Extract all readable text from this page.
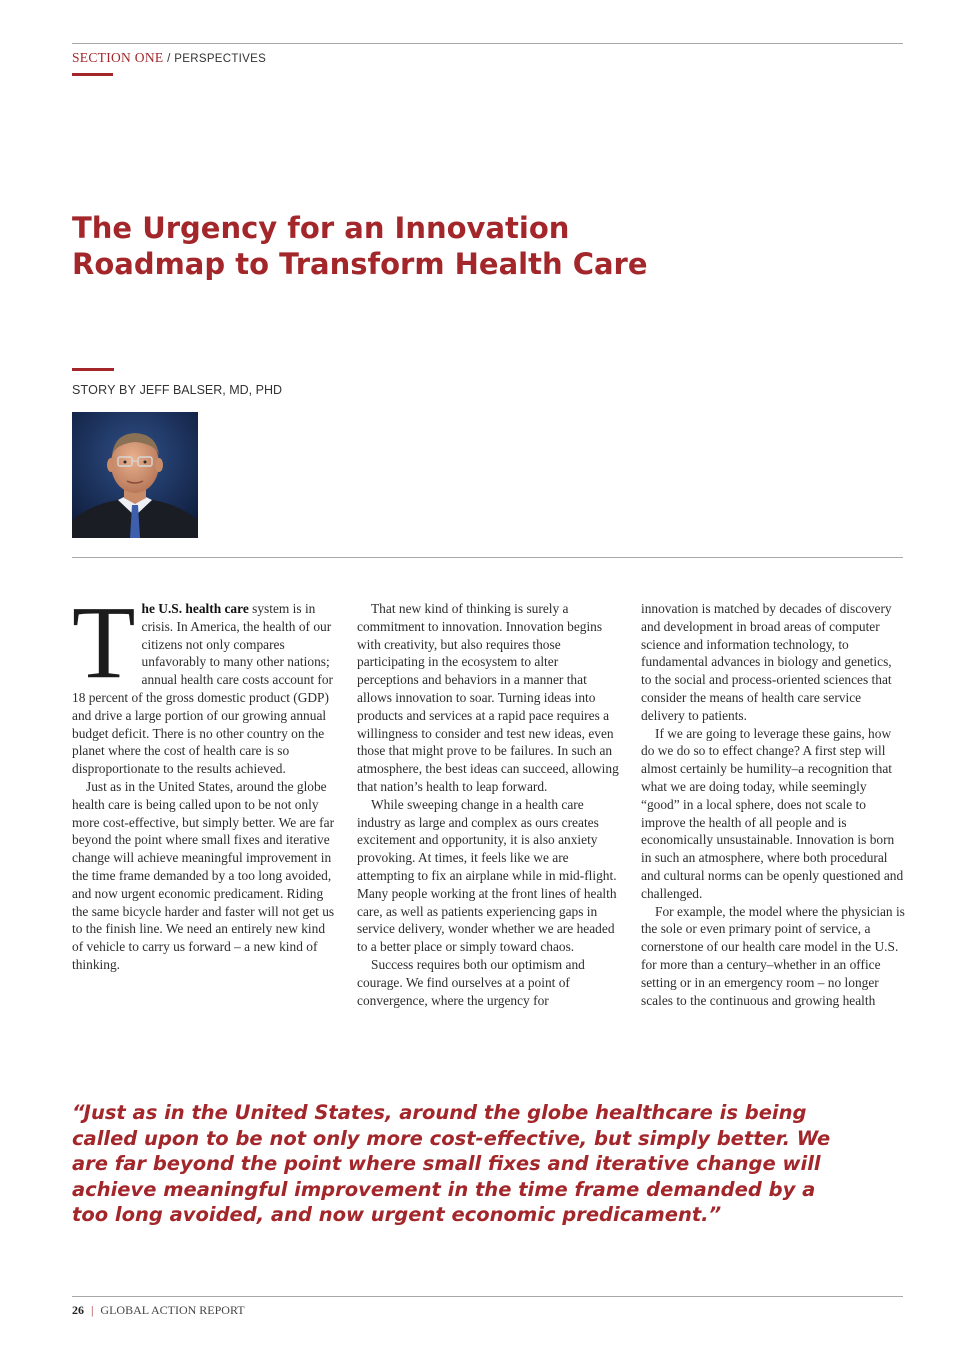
SECTION ONE / PERSPECTIVES
The Urgency for an Innovation Roadmap to Transform Health Care
STORY BY JEFF BALSER, MD, PHD

The U.S. health care system is in crisis. In America, the health of our citizens not only compares unfavorably to many other nations; annual health care costs account for 18 percent of the gross domestic product (GDP) and drive a large portion of our growing annual budget deficit. There is no other country on the planet where the cost of health care is so disproportionate to the results achieved.

Just as in the United States, around the globe health care is being called upon to be not only more cost-effective, but simply better. We are far beyond the point where small fixes and iterative change will achieve meaningful improvement in the time frame demanded by a too long avoided, and now urgent economic predicament. Riding the same bicycle harder and faster will not get us to the finish line. We need an entirely new kind of vehicle to carry us forward – a new kind of thinking.

That new kind of thinking is surely a commitment to innovation. Innovation begins with creativity, but also requires those participating in the ecosystem to alter perceptions and behaviors in a manner that allows innovation to soar. Turning ideas into products and services at a rapid pace requires a willingness to consider and test new ideas, even those that might prove to be failures. In such an atmosphere, the best ideas can succeed, allowing that nation’s health to leap forward.

While sweeping change in a health care industry as large and complex as ours creates excitement and opportunity, it is also anxiety provoking. At times, it feels like we are attempting to fix an airplane while in mid-flight. Many people working at the front lines of health care, as well as patients experiencing gaps in service delivery, wonder whether we are headed to a better place or simply toward chaos.

Success requires both our optimism and courage. We find ourselves at a point of convergence, where the urgency for

innovation is matched by decades of discovery and development in broad areas of computer science and information technology, to fundamental advances in biology and genetics, to the social and process-oriented sciences that consider the means of health care service delivery to patients.

If we are going to leverage these gains, how do we do so to effect change? A first step will almost certainly be humility–a recognition that what we are doing today, while seemingly “good” in a local sphere, does not scale to improve the health of all people and is economically unsustainable. Innovation is born in such an atmosphere, where both procedural and cultural norms can be openly questioned and challenged.

For example, the model where the physician is the sole or even primary point of service, a cornerstone of our health care model in the U.S. for more than a century–whether in an office setting or in an emergency room – no longer scales to the continuous and growing health

“Just as in the United States, around the globe healthcare is being called upon to be not only more cost-effective, but simply better. We are far beyond the point where small fixes and iterative change will achieve meaningful improvement in the time frame demanded by a too long avoided, and now urgent economic predicament.”

26 | GLOBAL ACTION REPORT
